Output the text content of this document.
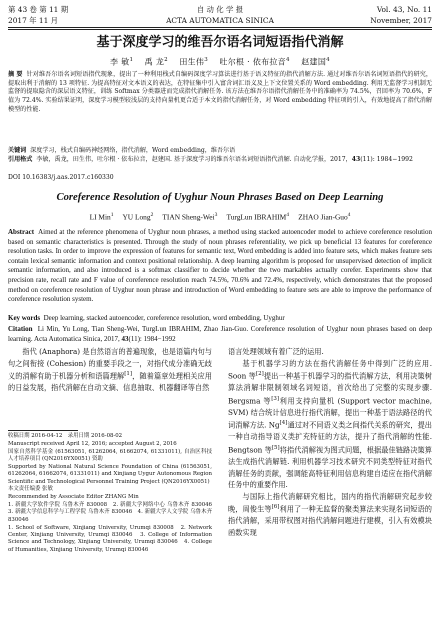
第 43 卷 第 11 期	自 动 化 学 报	Vol. 43, No. 11
2017 年 11 月	ACTA AUTOMATICA SINICA	November, 2017
基于深度学习的维吾尔语名词短语指代消解
李 敏$^1$ 禹 龙$^2$ 田生伟$^3$ 吐尔根 · 依布拉音$^4$ 赵建国$^4$
摘 要 针对维吾尔语名词短语指代现象，提出了一种利用栈式自编码深度学习算法进行基于语义特征的指代消解方法. 通过对维吾尔语名词短语指代的研究，提取出利于消解的 13 项特征. 为提高特征对文本语义的表达，在特征集中引入富含词汇语义及上下文位置关系的 Word embedding. 利用无监督学习机制无监督的提取隐含的深层语义特征，训练 Softmax 分类器进而完成指代消解任务. 该方法在维吾尔语指代消解任务中的准确率为 74.5%，召回率为 70.6%，F 值为 72.4%. 实验结果证明，深度学习模型较浅层的支持向量机更合适于本文的指代消解任务，对 Word embedding 特征项的引入，有效地提高了指代消解模型的性能.
关键词 深度学习，栈式自编码神经网络，指代消解，Word embedding，维吾尔语
引用格式 李敏，禹龙，田生伟，吐尔根 · 依布拉音，赵建国. 基于深度学习的维吾尔语名词短语指代消解. 自动化学报，2017，43(11): 1984−1992
DOI 10.16383/j.aas.2017.c160330
Coreference Resolution of Uyghur Noun Phrases Based on Deep Learning
LI Min$^1$ YU Long$^2$ TIAN Sheng-Wei$^3$ TurgLun IBRAHIM$^4$ ZHAO Jian-Guo$^4$
Abstract Aimed at the reference phenomena of Uyghur noun phrases, a method using stacked autoencoder model to achieve coreference resolution based on semantic characteristics is presented. Through the study of noun phrases referentiality, we pick up beneficial 13 features for coreference resolution tasks. In order to improve the expression of features for semantic text, Word embedding is added into feature sets, which makes feature sets contain lexical semantic information and context positional relationship. A deep learning algorithm is proposed for unsupervised detection of implicit semantic information, and also introduced is a softmax classifier to decide whether the two markables actually corefer. Experiments show that precision rate, recall rate and F value of coreference resolution reach 74.5%, 70.6% and 72.4%, respectively, which demonstrates that the proposed method on coreference resolution of Uyghur noun phrase and introduction of Word embedding to feature sets are able to improve the performance of coreference resolution system.
Key words Deep learning, stacked autoencoder, coreference resolution, word embedding, Uyghur
Citation Li Min, Yu Long, Tian Sheng-Wei, TurgLun IBRAHIM, Zhao Jian-Guo. Coreference resolution of Uyghur noun phrases based on deep learning. Acta Automatica Sinica, 2017, 43(11): 1984−1992

指代 (Anaphora) 是自然语言的普遍现象，也是语篇内句与句之间衔接 (Cohesion) 的重要手段之一，对指代成分准确无歧义的消解有助于机器分析和语篇理解[1]，随着篇章处理相关应用的日益发展，指代消解在自动文摘、信息抽取、机器翻译等自然

收稿日期 2016-04-12　录用日期 2016-08-02
Manuscript received April 12, 2016; accepted August 2, 2016
国家自然科学基金 (61563051, 61262064, 61662074, 61331011), 自治区科技人才培养项目 (QN2016YX0051) 资助
Supported by National Natural Science Foundation of China (61563051, 61262064, 61662074, 61331011) and Xinjiang Uygur Autonomous Region Scientific and Technological Personnel Training Project (QN2016YX0051)
本文责任编委 张敏
Recommended by Associate Editor ZHANG Min
1. 新疆大学软件学院 乌鲁木齐 830008　2. 新疆大学网络中心 乌鲁木齐 830046　3. 新疆大学信息科学与工程学院 乌鲁木齐 830046　4. 新疆大学人文学院 乌鲁木齐 830046
1. School of Software, Xinjiang University, Urumqi 830008　2. Network Center, Xinjiang University, Urumqi 830046　3. College of Information Science and Technology, Xinjiang University, Urumqi 830046　4. College of Humanities, Xinjiang University, Urumqi 830046

语言处理领域有着广泛的运用.

基于机器学习的方法在指代消解任务中得到广泛的应用. Soon 等[2]提出一种基于机器学习的指代消解方法，利用决策树算法消解非限制领域名词短语，首次给出了完整的实现步骤. Bergsma 等[3]利用支持向量机 (Support vector machine, SVM) 结合统计信息进行指代消解，提出一种基于语法路径的代词消解方法. Ng[4]通过对不同语义类之间指代关系的研究，提出一种自动指导语义类扩充特征的方法，提升了指代消解的性能. Bengtson 等[5]将指代消解视为图式问题，根据最佳链路决策算法生成指代消解链. 利用机器学习技术研究不同类型特征对指代消解任务的贡献，强调能高特征利用信息构建自适应在指代消解任务中的重要作用.

与国际上指代消解研究相比，国内的指代消解研究起步较晚，周俊生等[6]利用了一种无监督的聚类算法来实现名词短语的指代消解，采用带权图对指代消解问题进行建模，引入有效模块函数实现
